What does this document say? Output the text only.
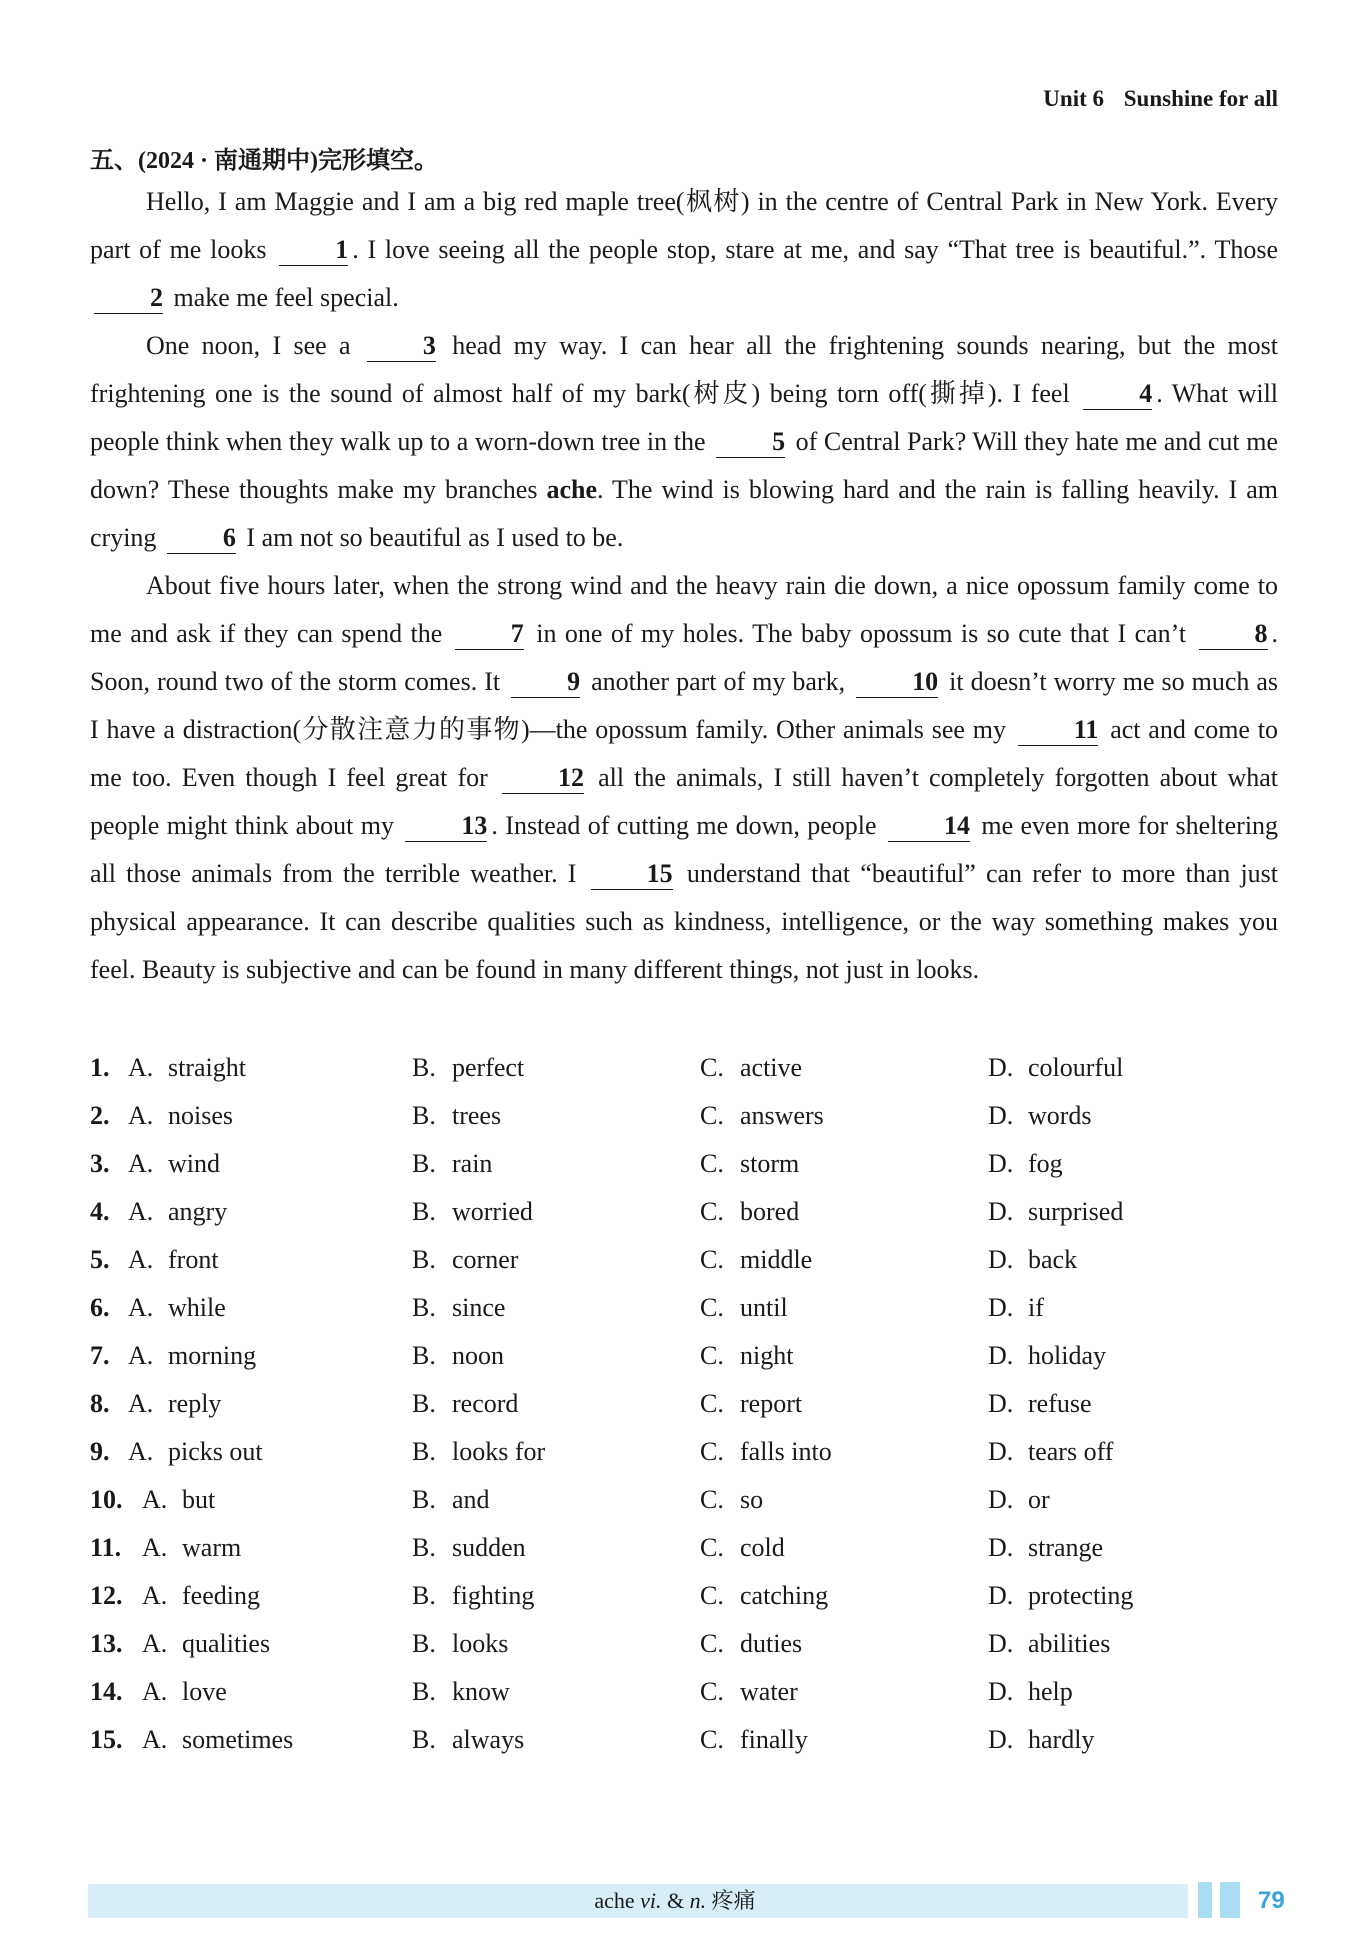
Unit 6 Sunshine for all
五、(2024 · 南通期中)完形填空。

Hello, I am Maggie and I am a big red maple tree(枫树) in the centre of Central Park in New York. Every part of me looks	1 . I love seeing all the people stop, stare at me, and say “That tree is beautiful.”. Those 2 make me feel special.

One noon, I see a	3 head my way. I can hear all the frightening sounds nearing, but the most frightening one is the sound of almost half of my bark(树皮) being torn off(撕掉). I feel	4 . What will people think when they walk up to a worn-down tree in the	5 of Central Park? Will they hate me and cut me down? These thoughts make my branches ache. The wind is blowing hard and the rain is falling heavily. I am crying	6 I am not so beautiful as I used to be.

About five hours later, when the strong wind and the heavy rain die down, a nice opossum family come to me and ask if they can spend the	7 in one of my holes. The baby opossum is so cute that I can’t	8 . Soon, round two of the storm comes. It	9 another part of my bark,	10 it doesn’t worry me so much as I have a distraction(分散注意力的事物)—the opossum family. Other animals see my	11 act and come to me too. Even though I feel great for	12 all the animals, I still haven’t completely forgotten about what people might think about my	13 . Instead of cutting me down, people	14 me even more for sheltering all those animals from the terrible weather. I	15 understand that “beautiful” can refer to more than just physical appearance. It can describe qualities such as kindness, intelligence, or the way something makes you feel. Beauty is subjective and can be found in many different things, not just in looks.

1. A. straight	B. perfect	C. active	D. colourful
2. A. noises	B. trees	C. answers	D. words
3. A. wind	B. rain	C. storm	D. fog
4. A. angry	B. worried	C. bored	D. surprised
5. A. front	B. corner	C. middle	D. back
6. A. while	B. since	C. until	D. if
7. A. morning	B. noon	C. night	D. holiday
8. A. reply	B. record	C. report	D. refuse
9. A. picks out	B. looks for	C. falls into	D. tears off
10. A. but	B. and	C. so	D. or
11. A. warm	B. sudden	C. cold	D. strange
12. A. feeding	B. fighting	C. catching	D. protecting
13. A. qualities	B. looks	C. duties	D. abilities
14. A. love	B. know	C. water	D. help
15. A. sometimes	B. always	C. finally	D. hardly
ache vi. & n. 疼痛	79
